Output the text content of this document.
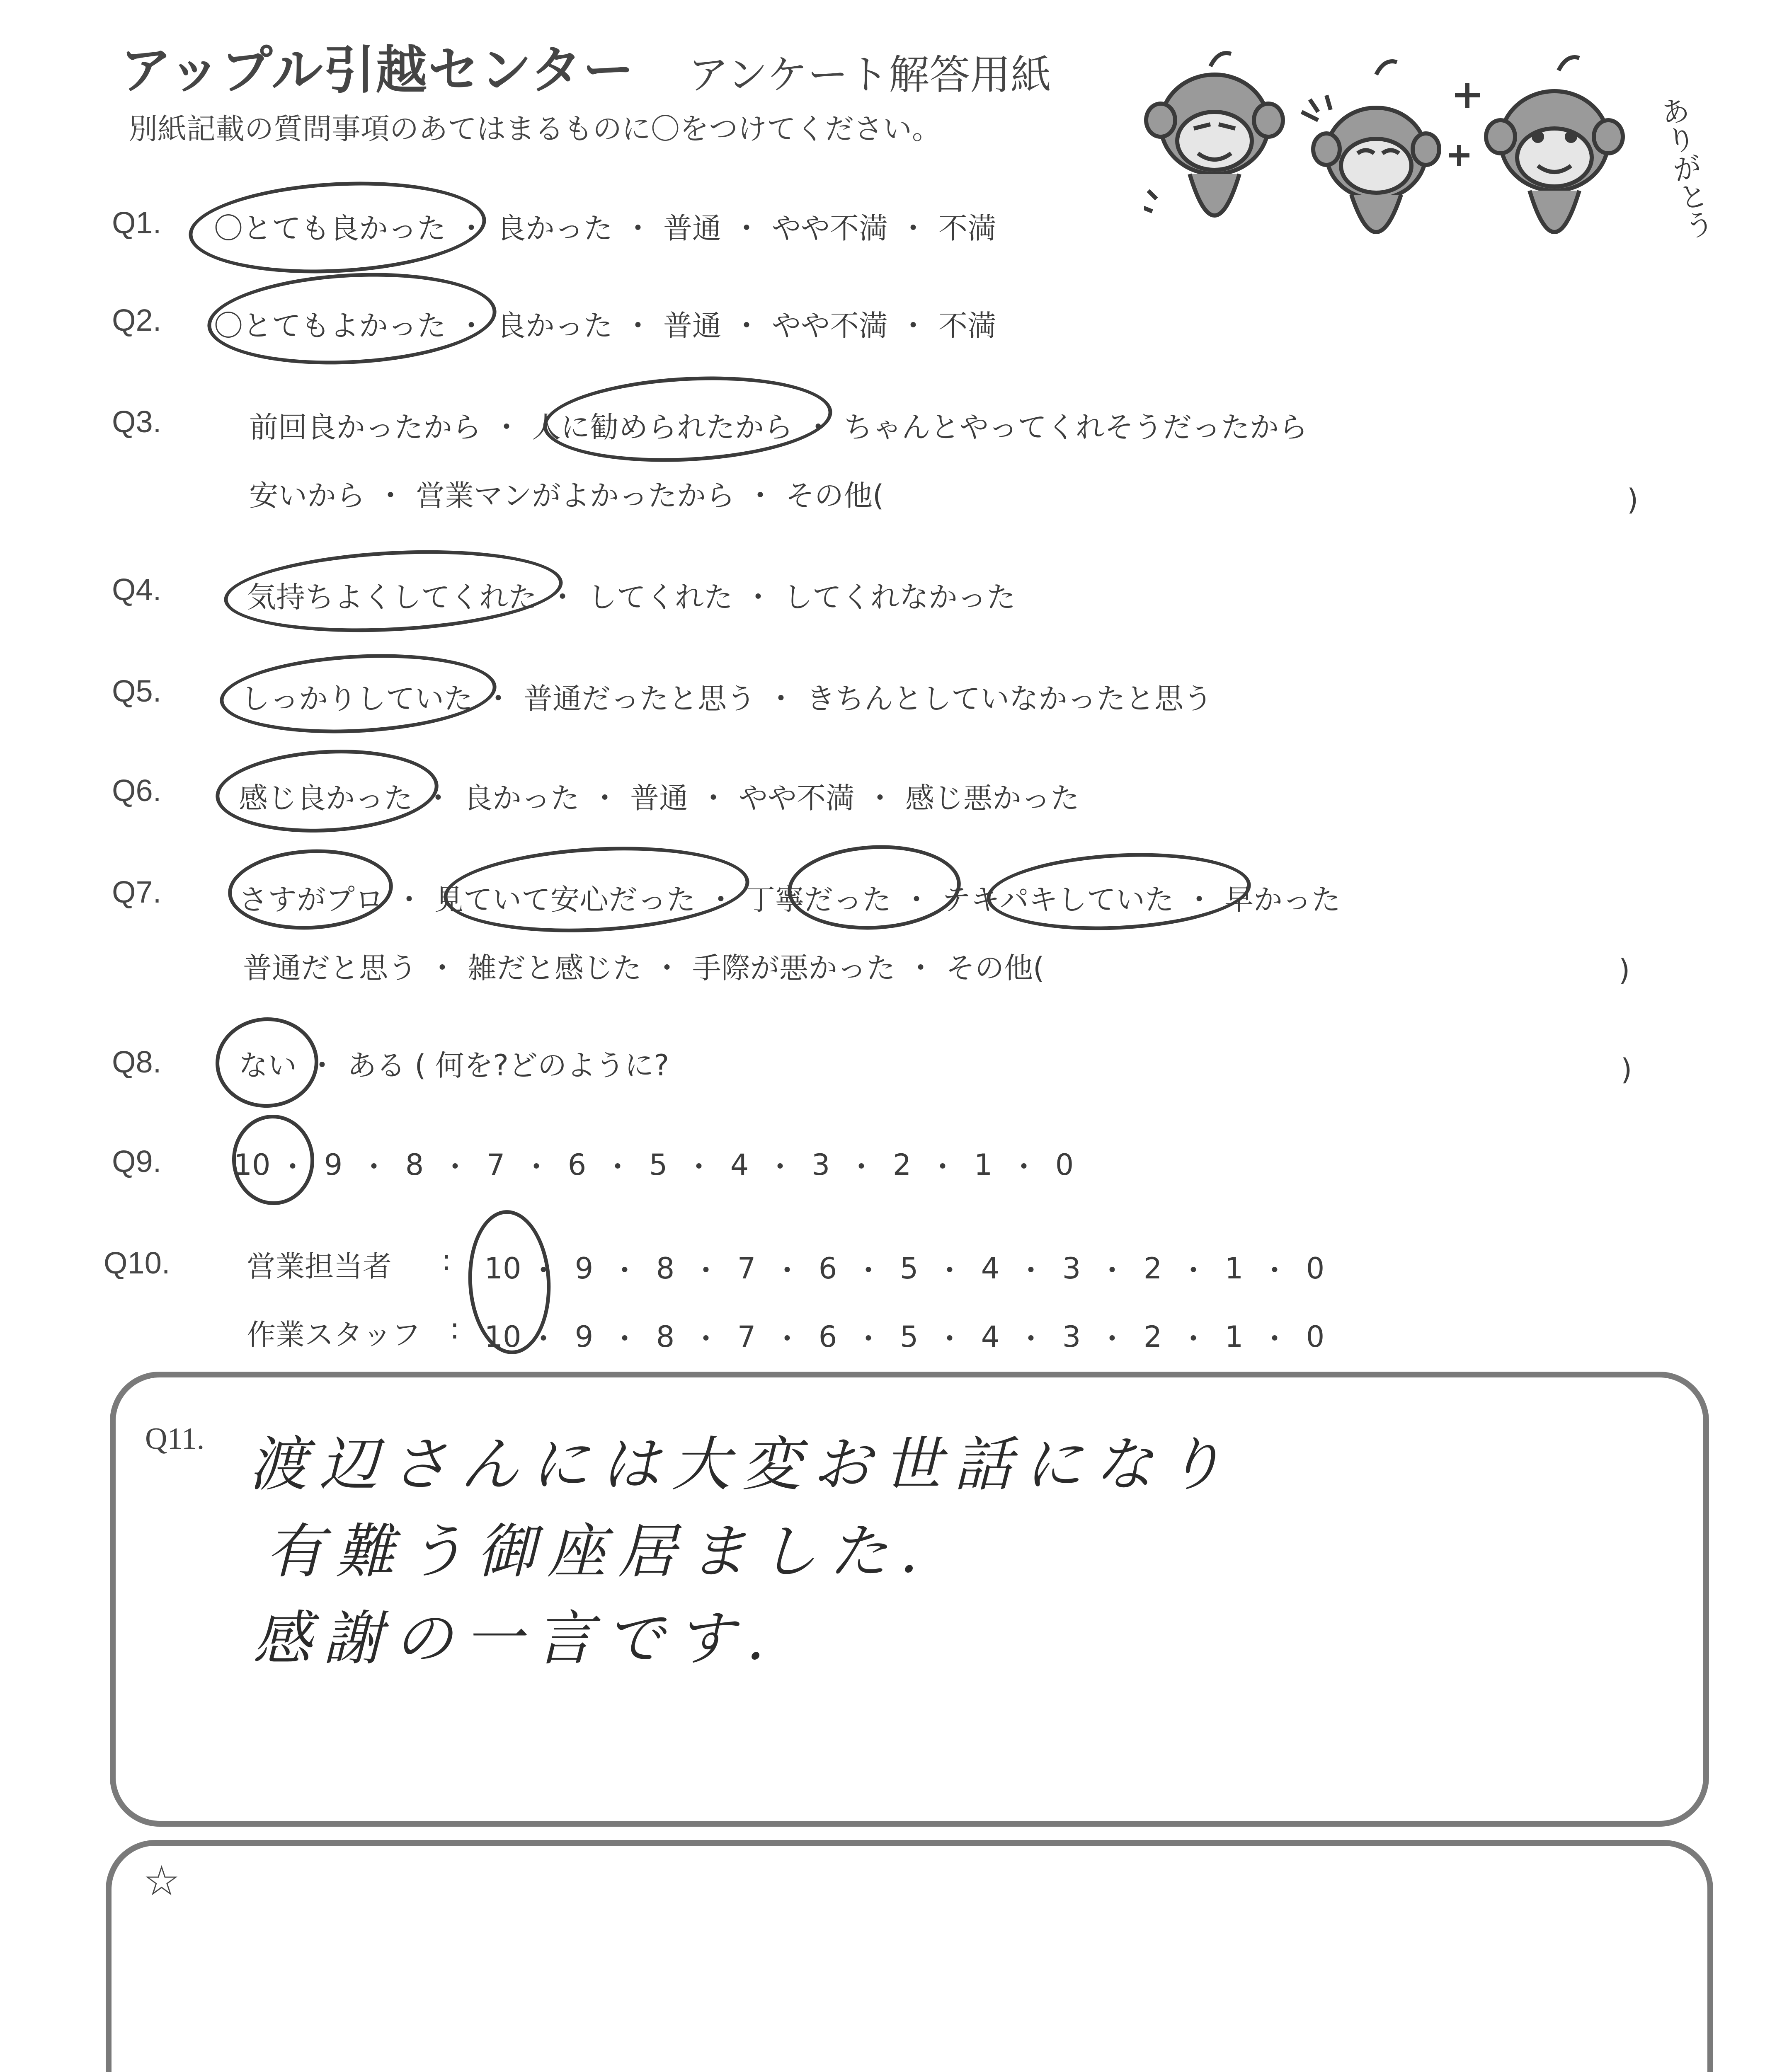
アップル引越センター アンケート解答用紙
別紙記載の質問事項のあてはまるものに〇をつけてください。	ありがとう
Q1. 〇とても良かった ・ 良かった ・ 普通 ・ やや不満 ・ 不満
Q2. 〇とてもよかった ・ 良かった ・ 普通 ・ やや不満 ・ 不満
Q3.	前回良かったから ・ 人に勧められたから ・ ちゃんとやってくれそうだったから
安いから ・ 営業マンがよかったから ・ その他(	)
Q4.	気持ちよくしてくれた ・ してくれた ・ してくれなかった
Q5.	しっかりしていた ・ 普通だったと思う ・ きちんとしていなかったと思う
Q6.	感じ良かった ・ 良かった ・ 普通 ・ やや不満 ・ 感じ悪かった
Q7.	さすがプロ ・ 見ていて安心だった ・ 丁寧だった ・ テキパキしていた ・ 早かった
普通だと思う ・ 雑だと感じた ・ 手際が悪かった ・ その他(	)
Q8.	ない ・ ある ( 何を?どのように?	)
Q9. 10 ・ 9 ・ 8 ・ 7 ・ 6 ・ 5 ・ 4 ・ 3 ・ 2 ・ 1 ・ 0
Q10.	営業担当者 : 10 ・ 9 ・ 8 ・ 7 ・ 6 ・ 5 ・ 4 ・ 3 ・ 2 ・ 1 ・ 0
作業スタッフ : 10 ・ 9 ・ 8 ・ 7 ・ 6 ・ 5 ・ 4 ・ 3 ・ 2 ・ 1 ・ 0
Q11. 渡辺さんには大変お世話になり
有難う御座居ました.
感謝の一言です.
☆
